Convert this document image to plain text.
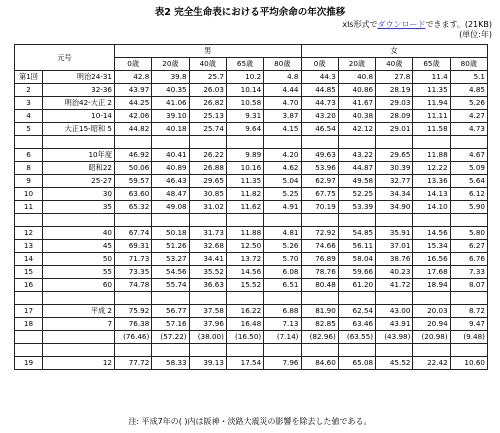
表2 完全生命表における平均余命の年次推移
xls形式でダウンロードできます。(21KB)
(単位:年)
元号		男					女				
		0歳	20歳	40歳	65歳	80歳	0歳	20歳	40歳	65歳	80歳
第1回	明治24-31	42.8	39.8	25.7	10.2	4.8	44.3	40.8	27.8	11.4	5.1
2	32-36	43.97	40.35	26.03	10.14	4.44	44.85	40.86	28.19	11.35	4.85
3	明治42-大正 2	44.25	41.06	26.82	10.58	4.70	44.73	41.67	29.03	11.94	5.26
4	10-14	42.06	39.10	25.13	9.31	3.87	43.20	40.38	28.09	11.11	4.27
5	大正15-昭和 5	44.82	40.18	25.74	9.64	4.15	46.54	42.12	29.01	11.58	4.73

6	10年度	46.92	40.41	26.22	9.89	4.20	49.63	43.22	29.65	11.88	4.67
8	昭和22	50.06	40.89	26.88	10.16	4.62	53.96	44.87	30.39	12.22	5.09
9	25-27	59.57	46.43	29.65	11.35	5.04	62.97	49.58	32.77	13.36	5.64
10	30	63.60	48.47	30.85	11.82	5.25	67.75	52.25	34.34	14.13	6.12
11	35	65.32	49.08	31.02	11.62	4.91	70.19	53.39	34.90	14.10	5.90

12	40	67.74	50.18	31.73	11.88	4.81	72.92	54.85	35.91	14.56	5.80
13	45	69.31	51.26	32.68	12.50	5.26	74.66	56.11	37.01	15.34	6.27
14	50	71.73	53.27	34.41	13.72	5.70	76.89	58.04	38.76	16.56	6.76
15	55	73.35	54.56	35.52	14.56	6.08	78.76	59.66	40.23	17.68	7.33
16	60	74.78	55.74	36.63	15.52	6.51	80.48	61.20	41.72	18.94	8.07

17	平成 2	75.92	56.77	37.58	16.22	6.88	81.90	62.54	43.00	20.03	8.72
18	7	76.38	57.16	37.96	16.48	7.13	82.85	63.46	43.91	20.94	9.47
		(76.46)	(57.22)	(38.00)	(16.50)	(7.14)	(82.96)	(63.55)	(43.98)	(20.98)	(9.48)

19	12	77.72	58.33	39.13	17.54	7.96	84.60	65.08	45.52	22.42	10.60
注: 平成7年の( )内は阪神・淡路大震災の影響を除去した値である。
